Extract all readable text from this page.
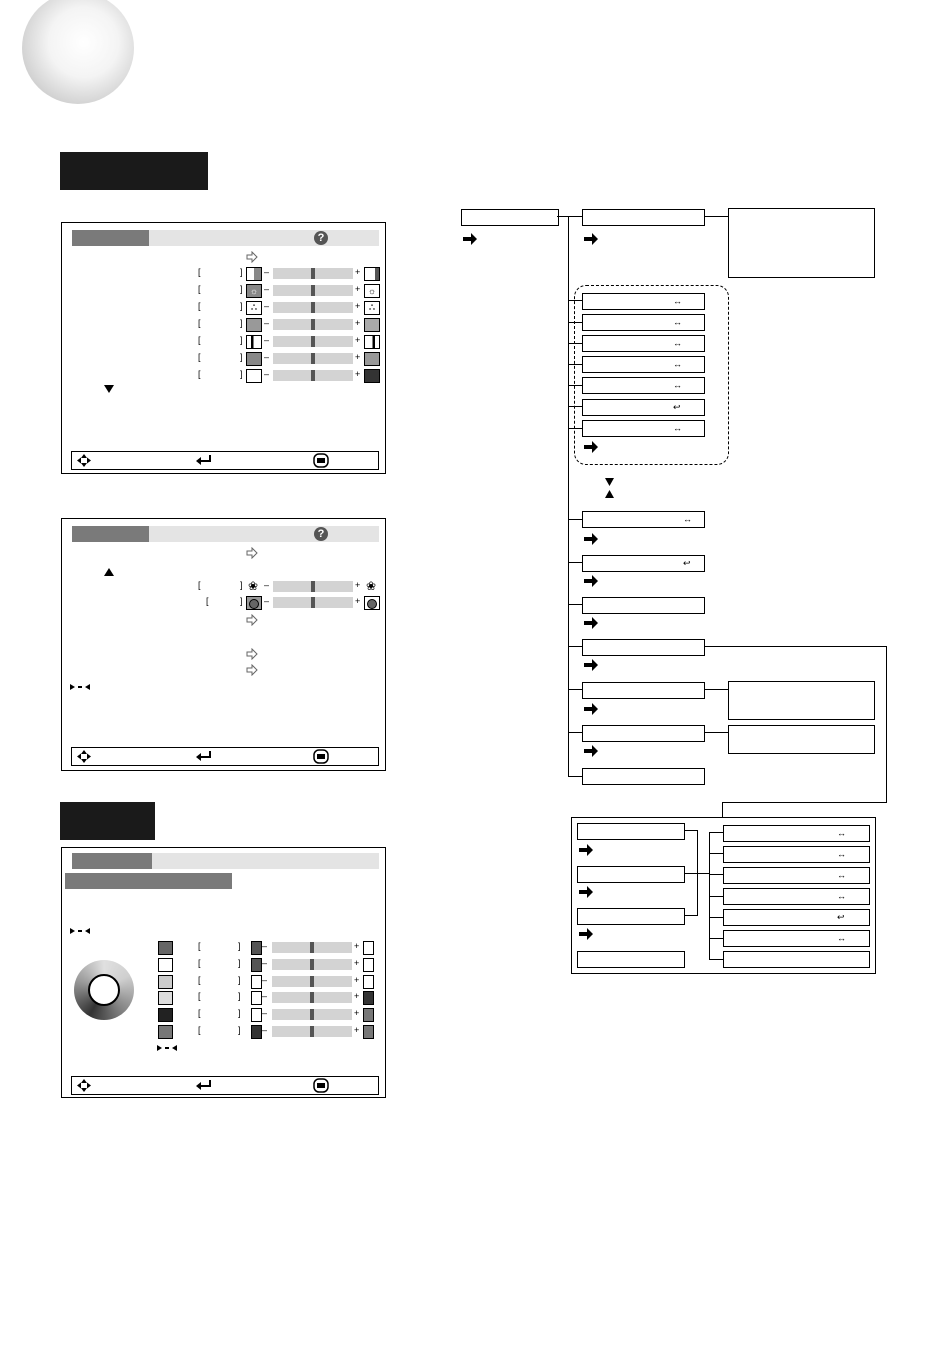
?
[	] –	+
[	] ☼ –	+ ☼
[	]	ஃ –	+	ஃ
[	] –	+
[	] –	+
[	] –	+
[	] –	+
?
[	] ❀ –	+ ❀
[	] –	+
[	] –	+
[	] –	+
[	] –	+
[	] –	+
[	] –	+
[	] –	+
↔
↔
↔
↔
↔
↩
↔
↔
↩
↔
↔
↔
↔
↩
↔
